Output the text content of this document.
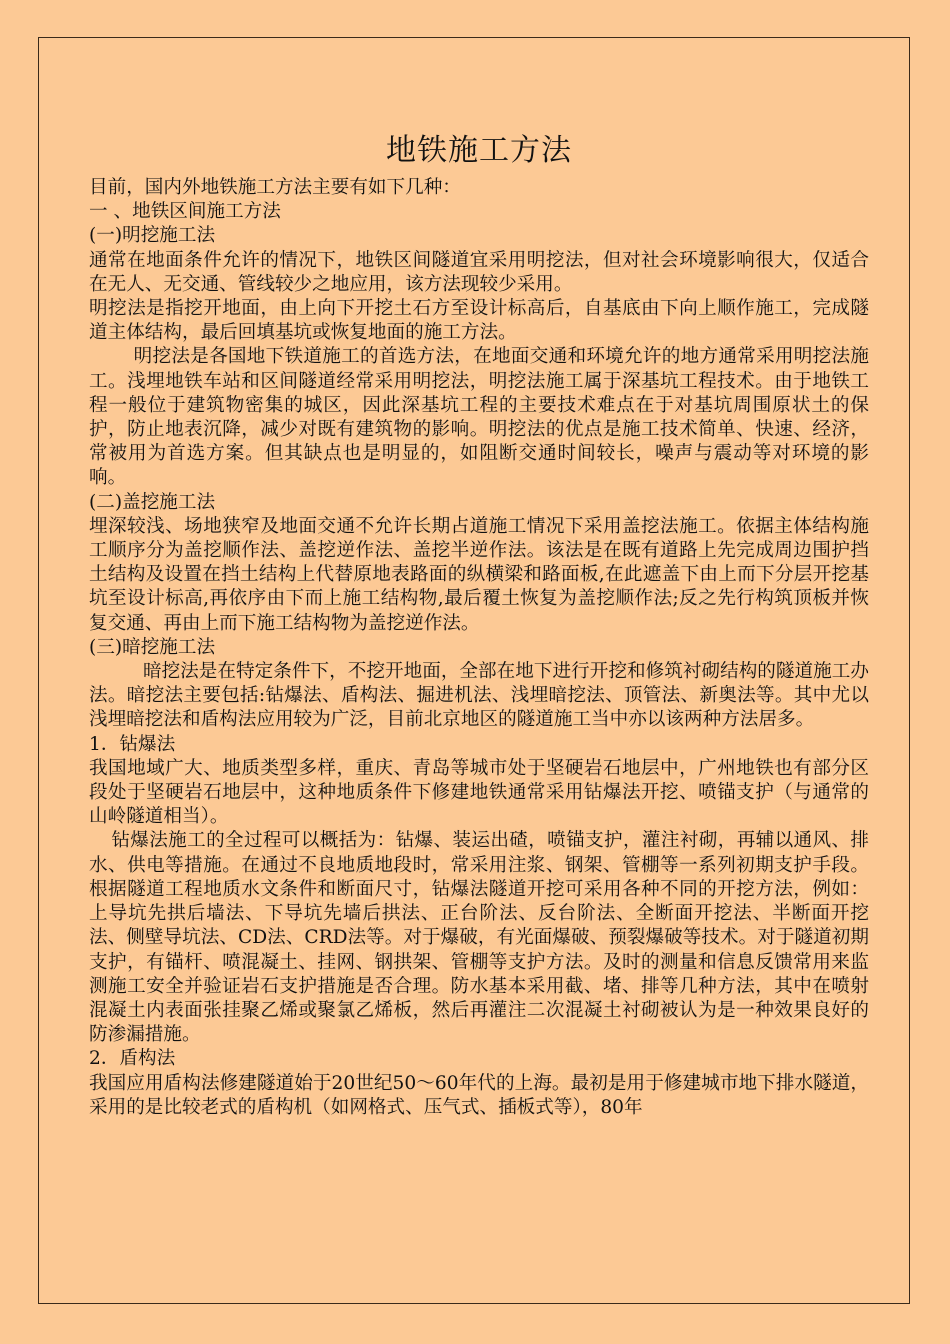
地铁施工方法

目前，国内外地铁施工方法主要有如下几种：

一 、地铁区间施工方法

(一)明挖施工法

通常在地面条件允许的情况下，地铁区间隧道宜采用明挖法，但对社会环境影响很大，仅适合在无人、无交通、管线较少之地应用，该方法现较少采用。

明挖法是指挖开地面，由上向下开挖土石方至设计标高后，自基底由下向上顺作施工，完成隧道主体结构，最后回填基坑或恢复地面的施工方法。

明挖法是各国地下铁道施工的首选方法，在地面交通和环境允许的地方通常采用明挖法施工。浅埋地铁车站和区间隧道经常采用明挖法，明挖法施工属于深基坑工程技术。由于地铁工程一般位于建筑物密集的城区，因此深基坑工程的主要技术难点在于对基坑周围原状土的保护，防止地表沉降，减少对既有建筑物的影响。明挖法的优点是施工技术简单、快速、经济，常被用为首选方案。但其缺点也是明显的，如阻断交通时间较长，噪声与震动等对环境的影响。

(二)盖挖施工法

埋深较浅、场地狭窄及地面交通不允许长期占道施工情况下采用盖挖法施工。依据主体结构施工顺序分为盖挖顺作法、盖挖逆作法、盖挖半逆作法。该法是在既有道路上先完成周边围护挡土结构及设置在挡土结构上代替原地表路面的纵横梁和路面板,在此遮盖下由上而下分层开挖基坑至设计标高,再依序由下而上施工结构物,最后覆土恢复为盖挖顺作法;反之先行构筑顶板并恢复交通、再由上而下施工结构物为盖挖逆作法。

(三)暗挖施工法

暗挖法是在特定条件下，不挖开地面，全部在地下进行开挖和修筑衬砌结构的隧道施工办法。暗挖法主要包括:钻爆法、盾构法、掘进机法、浅埋暗挖法、顶管法、新奥法等。其中尤以浅埋暗挖法和盾构法应用较为广泛，目前北京地区的隧道施工当中亦以该两种方法居多。

1．钻爆法

我国地域广大、地质类型多样，重庆、青岛等城市处于坚硬岩石地层中，广州地铁也有部分区段处于坚硬岩石地层中，这种地质条件下修建地铁通常采用钻爆法开挖、喷锚支护（与通常的山岭隧道相当）。

钻爆法施工的全过程可以概括为：钻爆、装运出碴，喷锚支护，灌注衬砌，再辅以通风、排水、供电等措施。在通过不良地质地段时，常采用注浆、钢架、管棚等一系列初期支护手段。根据隧道工程地质水文条件和断面尺寸，钻爆法隧道开挖可采用各种不同的开挖方法，例如：上导坑先拱后墙法、下导坑先墙后拱法、正台阶法、反台阶法、全断面开挖法、半断面开挖法、侧壁导坑法、CD法、CRD法等。对于爆破，有光面爆破、预裂爆破等技术。对于隧道初期支护，有锚杆、喷混凝土、挂网、钢拱架、管棚等支护方法。及时的测量和信息反馈常用来监测施工安全并验证岩石支护措施是否合理。防水基本采用截、堵、排等几种方法，其中在喷射混凝土内表面张挂聚乙烯或聚氯乙烯板，然后再灌注二次混凝土衬砌被认为是一种效果良好的防渗漏措施。

2．盾构法

我国应用盾构法修建隧道始于20世纪50～60年代的上海。最初是用于修建城市地下排水隧道，采用的是比较老式的盾构机（如网格式、压气式、插板式等），80年
